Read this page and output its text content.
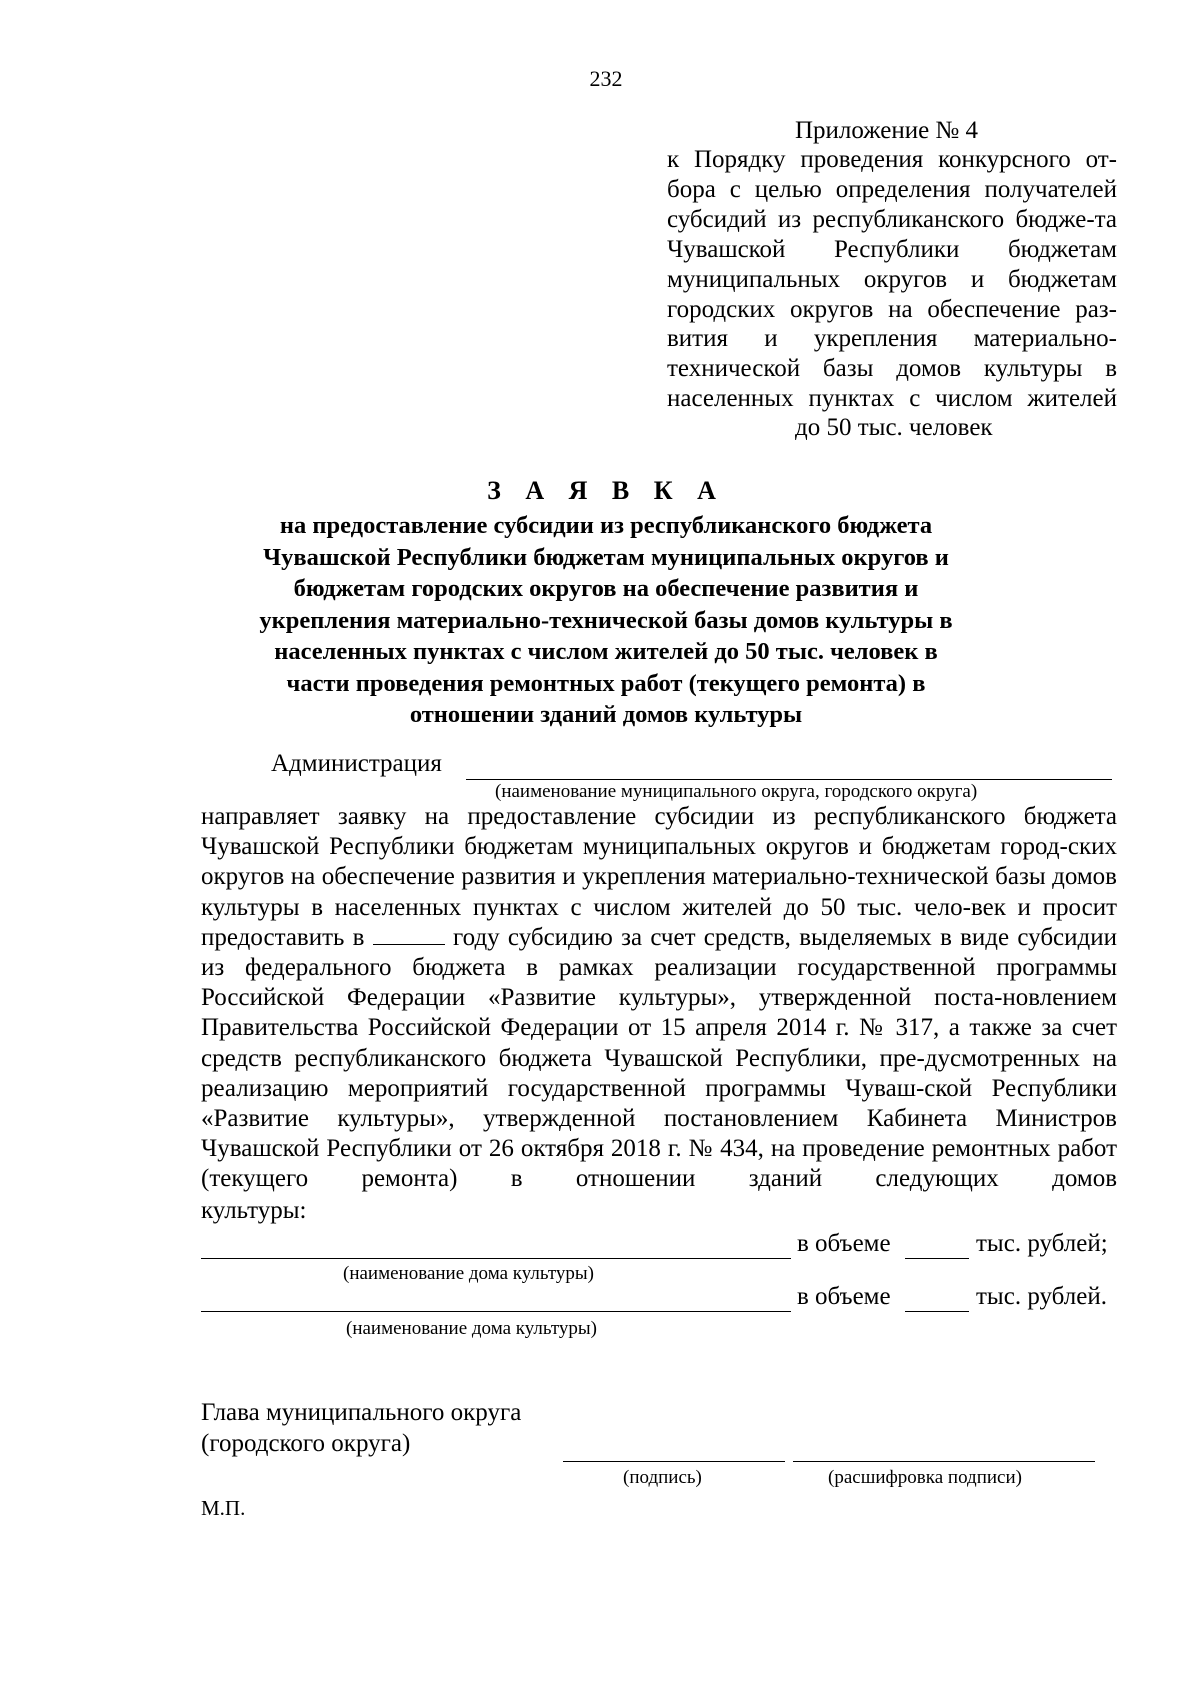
232
Приложение № 4
к Порядку проведения конкурсного от-бора с целью определения получателей субсидий из республиканского бюдже-та Чувашской Республики бюджетам муниципальных округов и бюджетам городских округов на обеспечение раз-вития и укрепления материально-технической базы домов культуры в населенных пунктах с числом жителей
до 50 тыс. человек
З А Я В К А
на предоставление субсидии из республиканского бюджета Чувашской Республики бюджетам муниципальных округов и бюджетам городских округов на обеспечение развития и укрепления материально-технической базы домов культуры в населенных пунктах с числом жителей до 50 тыс. человек в части проведения ремонтных работ (текущего ремонта) в отношении зданий домов культуры
Администрация
(наименование муниципального округа, городского округа)
направляет заявку на предоставление субсидии из республиканского бюджета Чувашской Республики бюджетам муниципальных округов и бюджетам город-ских округов на обеспечение развития и укрепления материально-технической базы домов культуры в населенных пунктах с числом жителей до 50 тыс. чело-век и просит предоставить в	году субсидию за счет средств, выделяемых в виде субсидии из федерального бюджета в рамках реализации государственной программы Российской Федерации «Развитие культуры», утвержденной поста-новлением Правительства Российской Федерации от 15 апреля 2014 г. № 317, а также за счет средств республиканского бюджета Чувашской Республики, пре-дусмотренных на реализацию мероприятий государственной программы Чуваш-ской Республики «Развитие культуры», утвержденной постановлением Кабинета Министров Чувашской Республики от 26 октября 2018 г. № 434, на проведение ремонтных работ (текущего ремонта) в отношении зданий следующих домов
культуры:
в объеме	тыс. рублей;
(наименование дома культуры)
в объеме	тыс. рублей.
(наименование дома культуры)
Глава муниципального округа
(городского округа)
(подпись)	(расшифровка подписи)
М.П.
